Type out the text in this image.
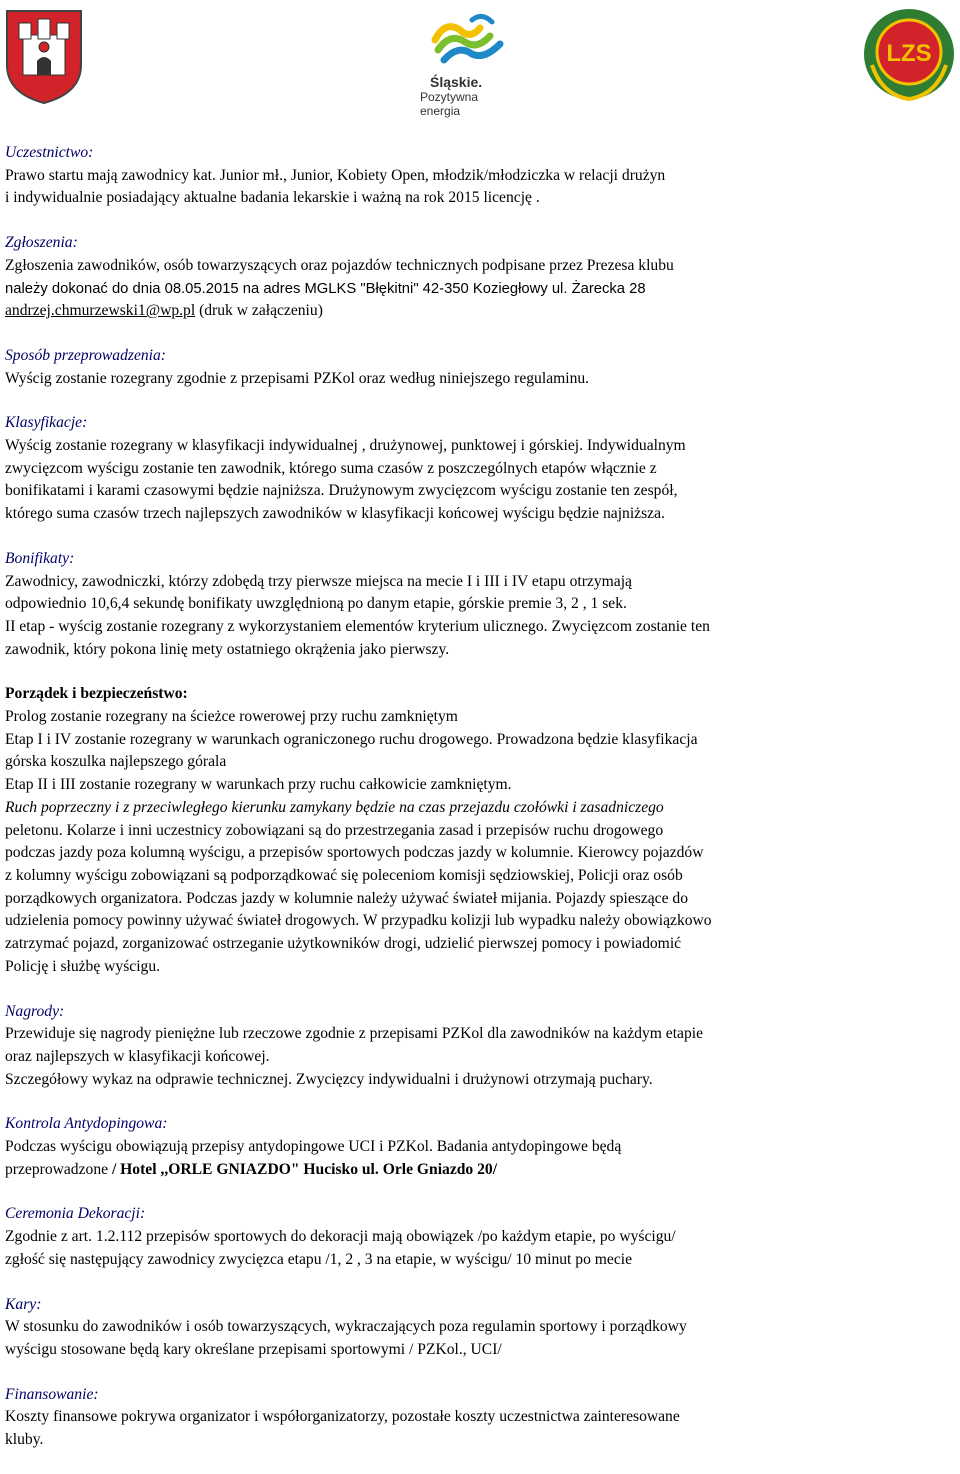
Śląskie.
Pozytywna energia
LZS
Uczestnictwo:

Prawo startu mają zawodnicy kat. Junior mł., Junior, Kobiety Open, młodzik/młodziczka w relacji drużyn

i indywidualnie posiadający aktualne badania lekarskie i ważną na rok 2015 licencję .

Zgłoszenia:

Zgłoszenia zawodników, osób towarzyszących oraz pojazdów technicznych podpisane przez Prezesa klubu

należy dokonać do dnia 08.05.2015 na adres MGLKS "Błękitni" 42-350 Koziegłowy ul. Żarecka 28

andrzej.chmurzewski1@wp.pl (druk w załączeniu)

Sposób przeprowadzenia:

Wyścig zostanie rozegrany zgodnie z przepisami PZKol oraz według niniejszego regulaminu.

Klasyfikacje:

Wyścig zostanie rozegrany w klasyfikacji indywidualnej , drużynowej, punktowej i górskiej. Indywidualnym

zwycięzcom wyścigu zostanie ten zawodnik, którego suma czasów z poszczególnych etapów włącznie z

bonifikatami i karami czasowymi będzie najniższa. Drużynowym zwycięzcom wyścigu zostanie ten zespół,

którego suma czasów trzech najlepszych zawodników w klasyfikacji końcowej wyścigu będzie najniższa.

Bonifikaty:

Zawodnicy, zawodniczki, którzy zdobędą trzy pierwsze miejsca na mecie I i III i IV etapu otrzymają

odpowiednio 10,6,4 sekundę bonifikaty uwzględnioną po danym etapie, górskie premie 3, 2 , 1 sek.

II etap - wyścig zostanie rozegrany z wykorzystaniem elementów kryterium ulicznego. Zwycięzcom zostanie ten

zawodnik, który pokona linię mety ostatniego okrążenia jako pierwszy.

Porządek i bezpieczeństwo:

Prolog zostanie rozegrany na ścieżce rowerowej przy ruchu zamkniętym

Etap I i IV zostanie rozegrany w warunkach ograniczonego ruchu drogowego. Prowadzona będzie klasyfikacja

górska koszulka najlepszego górala

Etap II i III zostanie rozegrany w warunkach przy ruchu całkowicie zamkniętym.

Ruch poprzeczny i z przeciwległego kierunku zamykany będzie na czas przejazdu czołówki i zasadniczego

peletonu. Kolarze i inni uczestnicy zobowiązani są do przestrzegania zasad i przepisów ruchu drogowego

podczas jazdy poza kolumną wyścigu, a przepisów sportowych podczas jazdy w kolumnie. Kierowcy pojazdów

z kolumny wyścigu zobowiązani są podporządkować się poleceniom komisji sędziowskiej, Policji oraz osób

porządkowych organizatora. Podczas jazdy w kolumnie należy używać świateł mijania. Pojazdy spieszące do

udzielenia pomocy powinny używać świateł drogowych. W przypadku kolizji lub wypadku należy obowiązkowo

zatrzymać pojazd, zorganizować ostrzeganie użytkowników drogi, udzielić pierwszej pomocy i powiadomić

Policję i służbę wyścigu.

Nagrody:

Przewiduje się nagrody pieniężne lub rzeczowe zgodnie z przepisami PZKol dla zawodników na każdym etapie

oraz najlepszych w klasyfikacji końcowej.

Szczegółowy wykaz na odprawie technicznej. Zwycięzcy indywidualni i drużynowi otrzymają puchary.

Kontrola Antydopingowa:

Podczas wyścigu obowiązują przepisy antydopingowe UCI i PZKol. Badania antydopingowe będą

przeprowadzone / Hotel ,,ORLE GNIAZDO" Hucisko ul. Orle Gniazdo 20/

Ceremonia Dekoracji:

Zgodnie z art. 1.2.112 przepisów sportowych do dekoracji mają obowiązek /po każdym etapie, po wyścigu/

zgłość się następujący zawodnicy zwycięzca etapu /1, 2 , 3 na etapie, w wyścigu/ 10 minut po mecie

Kary:

W stosunku do zawodników i osób towarzyszących, wykraczających poza regulamin sportowy i porządkowy

wyścigu stosowane będą kary określane przepisami sportowymi / PZKol., UCI/

Finansowanie:

Koszty finansowe pokrywa organizator i współorganizatorzy, pozostałe koszty uczestnictwa zainteresowane

kluby.
